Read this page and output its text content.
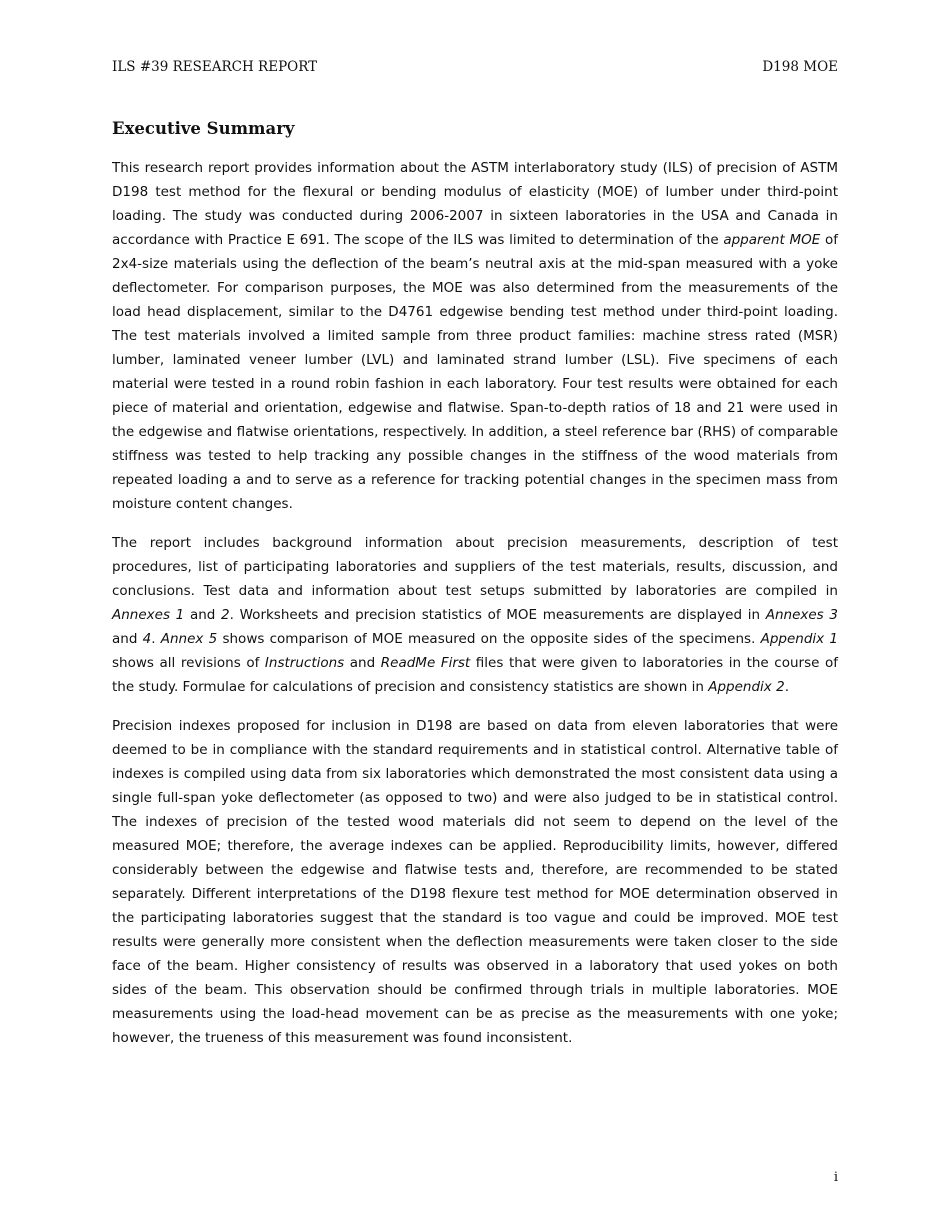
ILS #39 RESEARCH REPORT	D198 MOE
Executive Summary

This research report provides information about the ASTM interlaboratory study (ILS) of precision of ASTM D198 test method for the flexural or bending modulus of elasticity (MOE) of lumber under third-point loading. The study was conducted during 2006-2007 in sixteen laboratories in the USA and Canada in accordance with Practice E 691. The scope of the ILS was limited to determination of the apparent MOE of 2x4-size materials using the deflection of the beam’s neutral axis at the mid-span measured with a yoke deflectometer. For comparison purposes, the MOE was also determined from the measurements of the load head displacement, similar to the D4761 edgewise bending test method under third-point loading. The test materials involved a limited sample from three product families: machine stress rated (MSR) lumber, laminated veneer lumber (LVL) and laminated strand lumber (LSL). Five specimens of each material were tested in a round robin fashion in each laboratory. Four test results were obtained for each piece of material and orientation, edgewise and flatwise. Span-to-depth ratios of 18 and 21 were used in the edgewise and flatwise orientations, respectively. In addition, a steel reference bar (RHS) of comparable stiffness was tested to help tracking any possible changes in the stiffness of the wood materials from repeated loading a and to serve as a reference for tracking potential changes in the specimen mass from moisture content changes.

The report includes background information about precision measurements, description of test procedures, list of participating laboratories and suppliers of the test materials, results, discussion, and conclusions. Test data and information about test setups submitted by laboratories are compiled in Annexes 1 and 2. Worksheets and precision statistics of MOE measurements are displayed in Annexes 3 and 4. Annex 5 shows comparison of MOE measured on the opposite sides of the specimens. Appendix 1 shows all revisions of Instructions and ReadMe First files that were given to laboratories in the course of the study. Formulae for calculations of precision and consistency statistics are shown in Appendix 2.

Precision indexes proposed for inclusion in D198 are based on data from eleven laboratories that were deemed to be in compliance with the standard requirements and in statistical control. Alternative table of indexes is compiled using data from six laboratories which demonstrated the most consistent data using a single full-span yoke deflectometer (as opposed to two) and were also judged to be in statistical control. The indexes of precision of the tested wood materials did not seem to depend on the level of the measured MOE; therefore, the average indexes can be applied. Reproducibility limits, however, differed considerably between the edgewise and flatwise tests and, therefore, are recommended to be stated separately. Different interpretations of the D198 flexure test method for MOE determination observed in the participating laboratories suggest that the standard is too vague and could be improved. MOE test results were generally more consistent when the deflection measurements were taken closer to the side face of the beam. Higher consistency of results was observed in a laboratory that used yokes on both sides of the beam. This observation should be confirmed through trials in multiple laboratories. MOE measurements using the load-head movement can be as precise as the measurements with one yoke; however, the trueness of this measurement was found inconsistent.

i
